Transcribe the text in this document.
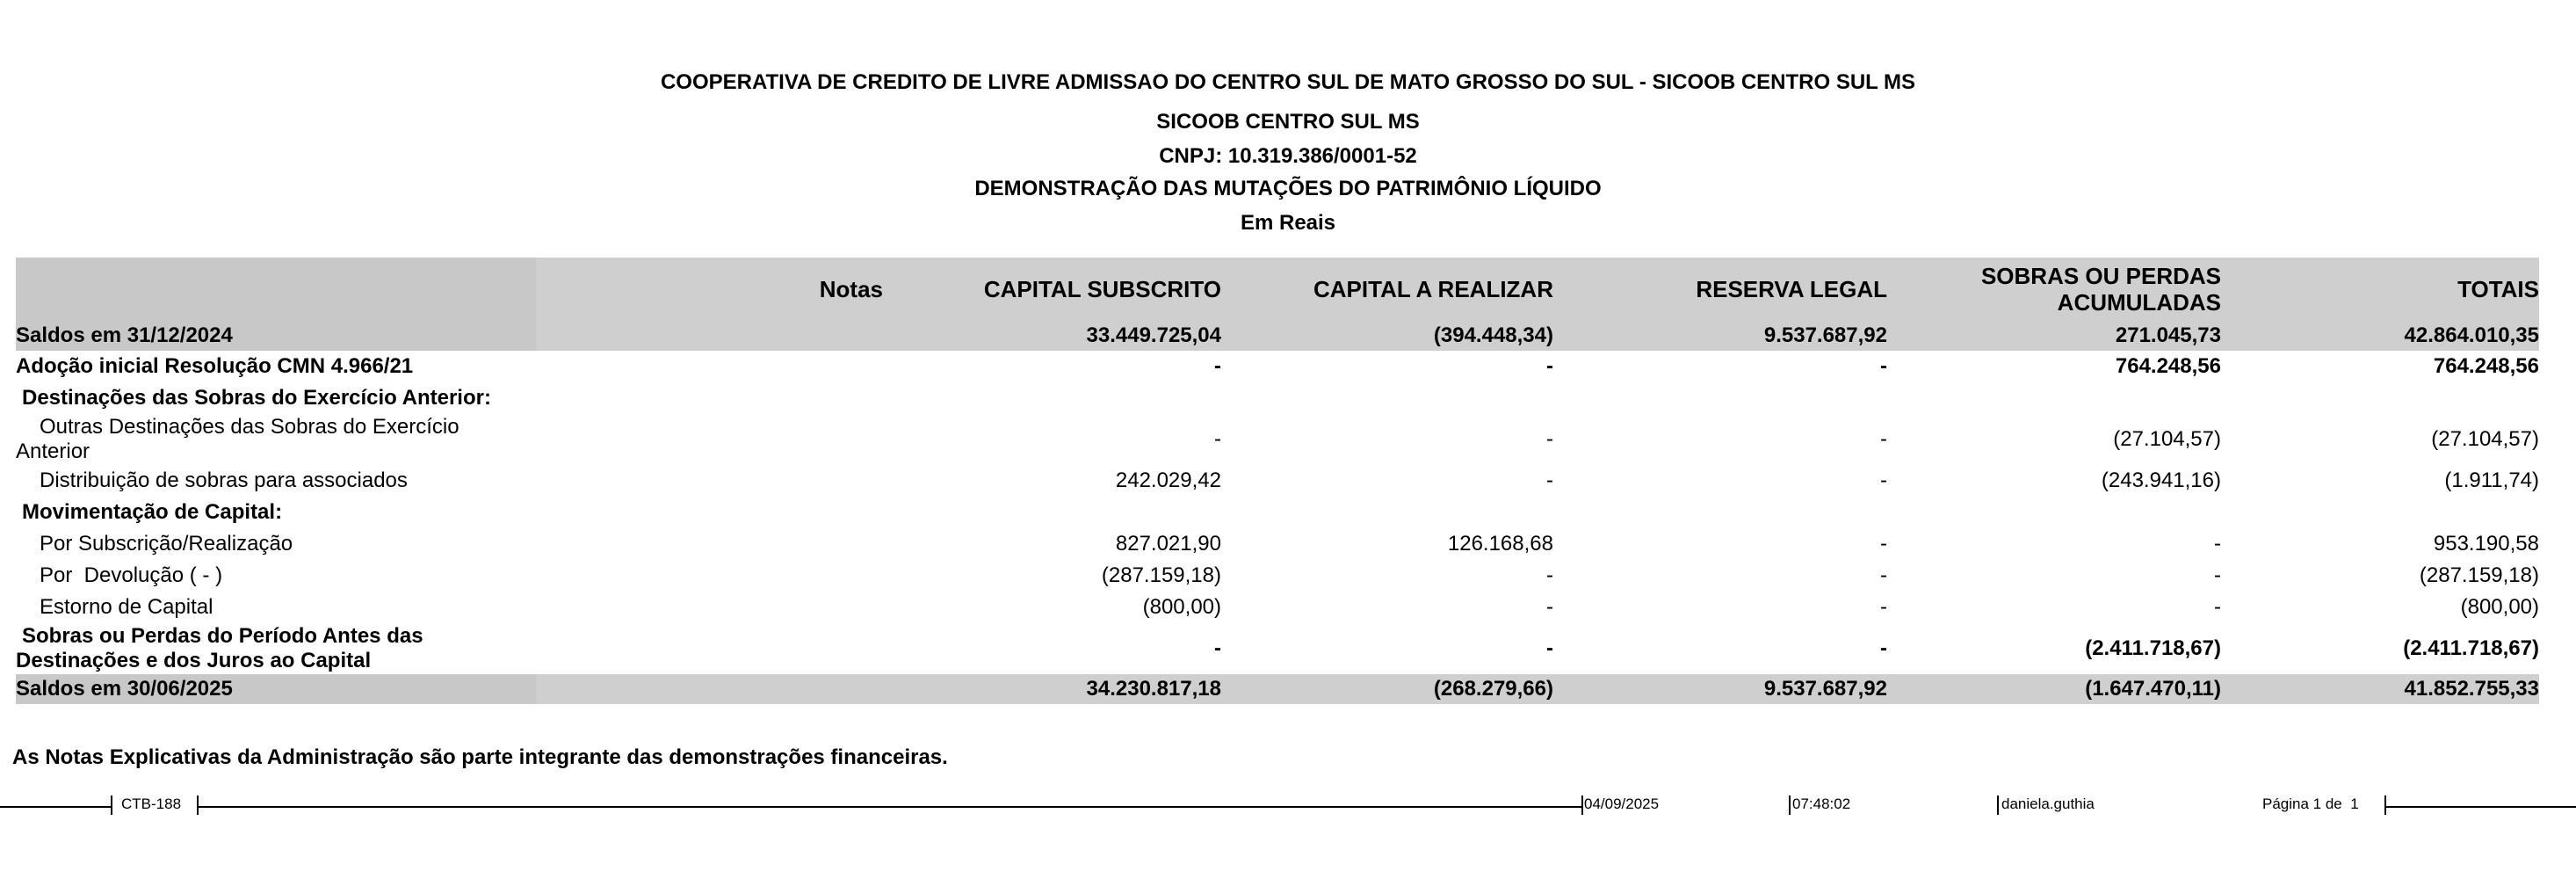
COOPERATIVA DE CREDITO DE LIVRE ADMISSAO DO CENTRO SUL DE MATO GROSSO DO SUL - SICOOB CENTRO SUL MS
SICOOB CENTRO SUL MS
CNPJ: 10.319.386/0001-52
DEMONSTRAÇÃO DAS MUTAÇÕES DO PATRIMÔNIO LÍQUIDO
Em Reais
	Notas	CAPITAL SUBSCRITO	CAPITAL A REALIZAR	RESERVA LEGAL	SOBRAS OU PERDAS ACUMULADAS	TOTAIS
Saldos em 31/12/2024		33.449.725,04	(394.448,34)	9.537.687,92	271.045,73	42.864.010,35
Adoção inicial Resolução CMN 4.966/21		-	-	-	764.248,56	764.248,56
Destinações das Sobras do Exercício Anterior:						
Outras Destinações das Sobras do Exercício Anterior		-	-	-	(27.104,57)	(27.104,57)
Distribuição de sobras para associados		242.029,42	-	-	(243.941,16)	(1.911,74)
Movimentação de Capital:						
Por Subscrição/Realização		827.021,90	126.168,68	-	-	953.190,58
Por  Devolução ( - )		(287.159,18)	-	-	-	(287.159,18)
Estorno de Capital		(800,00)	-	-	-	(800,00)
Sobras ou Perdas do Período Antes das Destinações e dos Juros ao Capital		-	-	-	(2.411.718,67)	(2.411.718,67)
Saldos em 30/06/2025		34.230.817,18	(268.279,66)	9.537.687,92	(1.647.470,11)	41.852.755,33
As Notas Explicativas da Administração são parte integrante das demonstrações financeiras.
CTB-188	04/09/2025	07:48:02	daniela.guthia	Página 1 de  1
